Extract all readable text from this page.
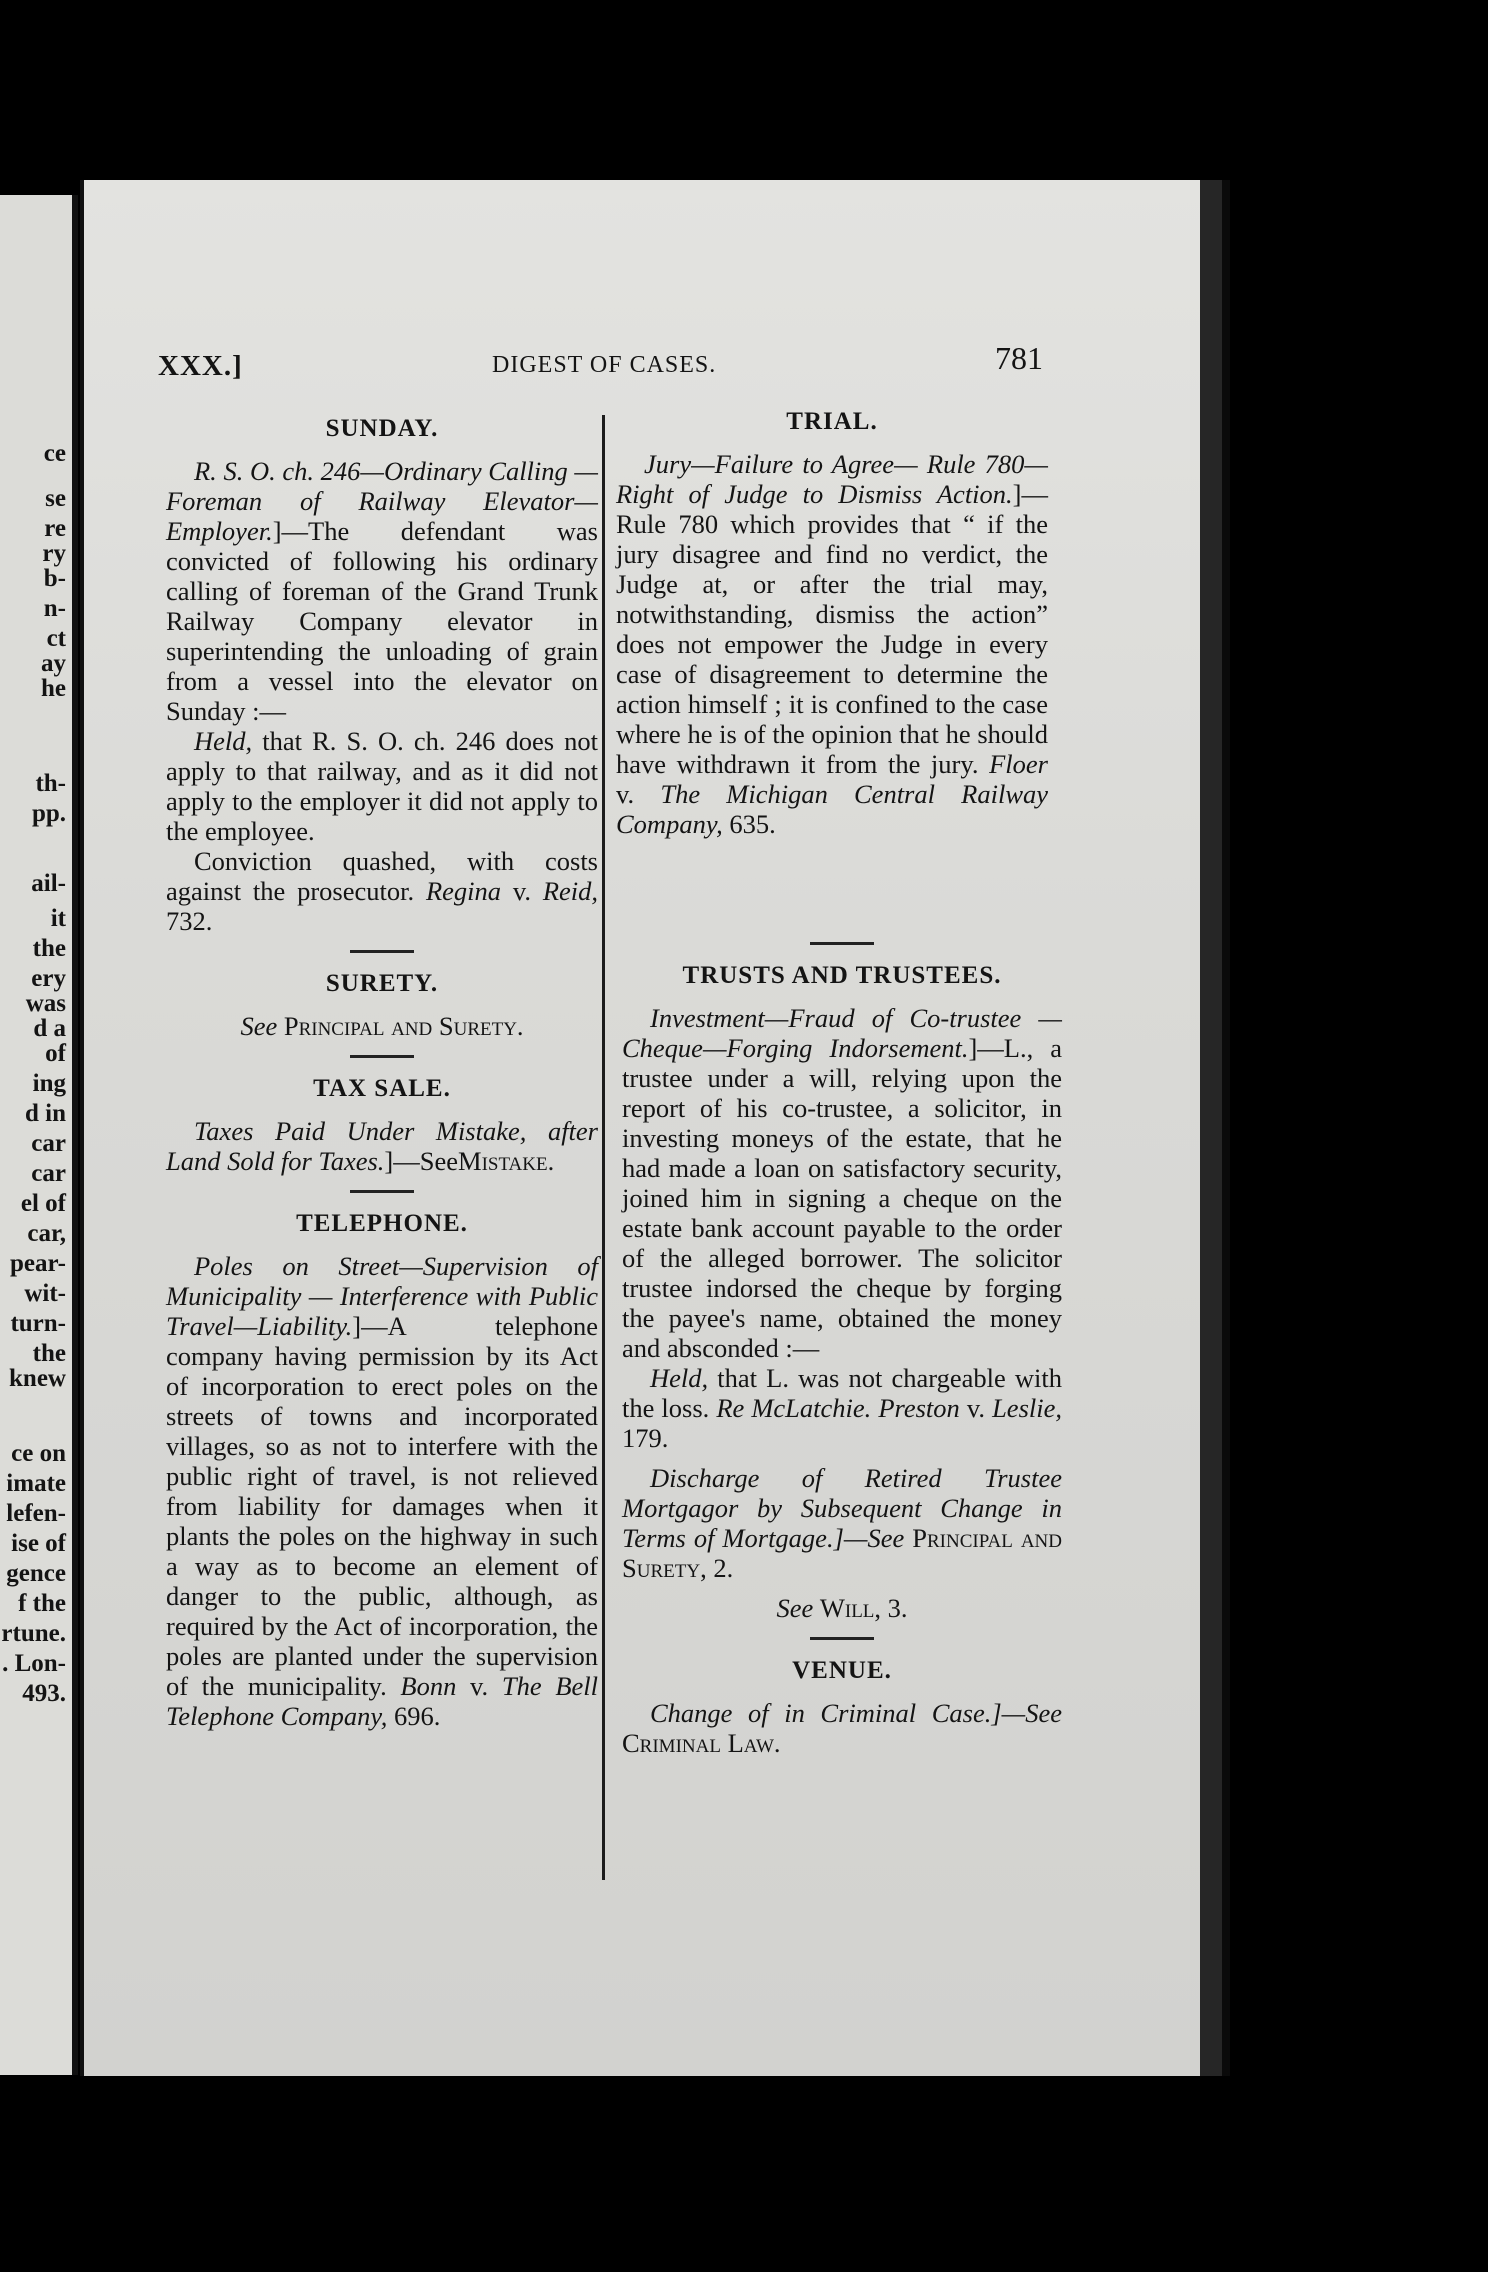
ce
se
re
ry
b-
n-
ct
ay
he
th-
pp.
ail-
it
the
ery
was
d a
of
ing
d in
car
car
el of
car,
pear-
wit-
turn-
the
knew
ce on
imate
lefen-
ise of
gence
f the
rtune.
. Lon-
493.
XXX.]	DIGEST OF CASES.	781
SUNDAY.

R. S. O. ch. 246—Ordinary Calling —Foreman of Railway Elevator— Employer.]—The defendant was convicted of following his ordinary calling of foreman of the Grand Trunk Railway Company elevator in superintending the unloading of grain from a vessel into the elevator on Sunday :—

Held, that R. S. O. ch. 246 does not apply to that railway, and as it did not apply to the employer it did not apply to the employee.

Conviction quashed, with costs against the prosecutor. Regina v. Reid, 732.

SURETY.

See Principal and Surety.

TAX SALE.

Taxes Paid Under Mistake, after Land Sold for Taxes.]—SeeMistake.

TELEPHONE.

Poles on Street—Supervision of Municipality — Interference with Public Travel—Liability.]—A telephone company having permission by its Act of incorporation to erect poles on the streets of towns and incorporated villages, so as not to interfere with the public right of travel, is not relieved from liability for damages when it plants the poles on the highway in such a way as to become an element of danger to the public, although, as required by the Act of incorporation, the poles are planted under the supervision of the municipality. Bonn v. The Bell Telephone Company, 696.

TRIAL.

Jury—Failure to Agree— Rule 780—Right of Judge to Dismiss Action.]—Rule 780 which provides that “ if the jury disagree and find no verdict, the Judge at, or after the trial may, notwithstanding, dismiss the action” does not empower the Judge in every case of disagreement to determine the action himself ; it is confined to the case where he is of the opinion that he should have withdrawn it from the jury. Floer v. The Michigan Central Railway Company, 635.

TRUSTS AND TRUSTEES.

Investment—Fraud of Co-trustee —Cheque—Forging Indorsement.]—L., a trustee under a will, relying upon the report of his co-trustee, a solicitor, in investing moneys of the estate, that he had made a loan on satisfactory security, joined him in signing a cheque on the estate bank account payable to the order of the alleged borrower. The solicitor trustee indorsed the cheque by forging the payee's name, obtained the money and absconded :—

Held, that L. was not chargeable with the loss. Re McLatchie. Preston v. Leslie, 179.

Discharge of Retired Trustee Mortgagor by Subsequent Change in Terms of Mortgage.]—See Principal and Surety, 2.

See Will, 3.

VENUE.

Change of in Criminal Case.]—See Criminal Law.
